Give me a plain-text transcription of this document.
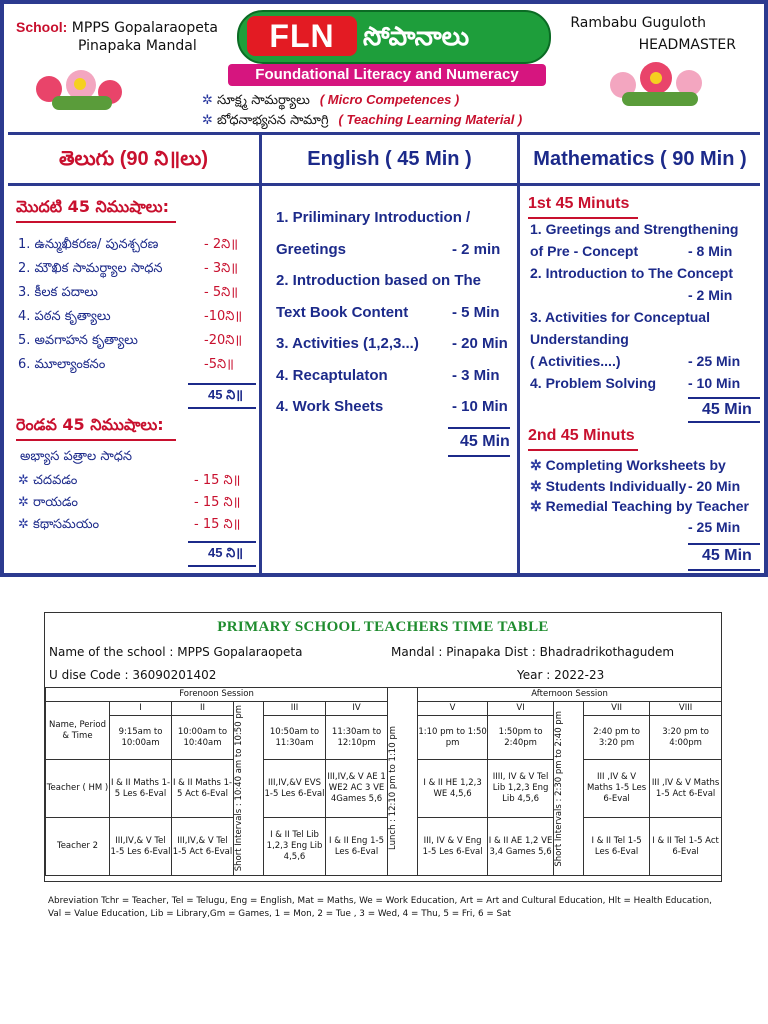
School: MPPS Gopalaraopeta
Pinapaka Mandal	FLN	సోపానాలు
Foundational Literacy and Numeracy
✲ సూక్ష్మ సామర్థ్యాలు ( Micro Competences )
✲ బోధనాభ్యసన సామాగ్రి ( Teaching Learning Material )
Rambabu Guguloth
HEADMASTER
తెలుగు (90 ని॥లు)
మొదటి 45 నిముషాలు:
1. ఉన్ముఖీకరణ/ పునశ్చరణ	- 2ని॥
2. మౌఖిక సామర్థ్యాల సాధన	- 3ని॥
3. కీలక పదాలు	- 5ని॥
4. పఠన కృత్యాలు	-10ని॥
5. అవగాహన కృత్యాలు	-20ని॥
6. మూల్యాంకనం	-5ని॥
45 ని॥
రెండవ 45 నిముషాలు:
అభ్యాస పత్రాల సాధన
✲ చదవడం	- 15 ని॥
✲ రాయడం	- 15 ని॥
✲ కథాసమయం	- 15 ని॥
45 ని॥
English ( 45 Min )
1. Priliminary Introduction /
Greetings	- 2 min
2. Introduction based on The
Text Book Content	- 5 Min
3. Activities (1,2,3...) - 20 Min
4. Recaptulaton	- 3 Min
4. Work Sheets	- 10 Min
45 Min
Mathematics ( 90 Min )
1st 45 Minuts
1. Greetings and Strengthening
of Pre - Concept	- 8 Min
2. Introduction to The Concept
- 2 Min
3. Activities for Conceptual
Understanding
( Activities....)	- 25 Min
4. Problem Solving - 10 Min
45 Min
2nd 45 Minuts
✲ Completing Worksheets by
✲ Students Individually - 20 Min
✲ Remedial Teaching by Teacher
- 25 Min
45 Min
PRIMARY SCHOOL TEACHERS TIME TABLE
Name of the school : MPPS Gopalaraopeta	Mandal : Pinapaka Dist : Bhadradrikothagudem
U dise Code : 36090201402	Year : 2022-23
Forenoon Session							Afternoon Session				
Name, Period & Time	I	II	Short Intervals : 10:40 am to 10:50 pm	III	IV	Lunch : 12:10 pm to 1:10 pm	V	VI	Short Intervals : 2:30 pm to 2:40 pm	VII	VIII
	9:15am to 10:00am	10:00am to 10:40am		10:50am to 11:30am	11:30am to 12:10pm		1:10 pm to 1:50 pm	1:50pm to 2:40pm		2:40 pm to 3:20 pm	3:20 pm to 4:00pm
Teacher ( HM )	I & II Maths 1-5 Les 6-Eval	I & II Maths 1-5 Act 6-Eval		III,IV,&V EVS 1-5 Les 6-Eval	III,IV,& V AE 1 WE2 AC 3 VE 4Games 5,6		I & II HE 1,2,3 WE 4,5,6	IIII, IV & V Tel Lib 1,2,3 Eng Lib 4,5,6		III ,IV & V Maths 1-5 Les 6-Eval	III ,IV & V Maths 1-5 Act 6-Eval
Teacher 2	III,IV,& V Tel 1-5 Les 6-Eval	III,IV,& V Tel 1-5 Act 6-Eval		I & II Tel Lib 1,2,3 Eng Lib 4,5,6	I & II Eng 1-5 Les 6-Eval		III, IV & V Eng 1-5 Les 6-Eval	I & II AE 1,2 VE 3,4 Games 5,6		I & II Tel 1-5 Les 6-Eval	I & II Tel 1-5 Act 6-Eval
Abreviation Tchr = Teacher, Tel = Telugu, Eng = English, Mat = Maths, We = Work Education, Art = Art and Cultural Education, Hlt = Health Education, Val = Value Education, Lib = Library,Gm = Games, 1 = Mon, 2 = Tue , 3 = Wed, 4 = Thu, 5 = Fri, 6 = Sat
